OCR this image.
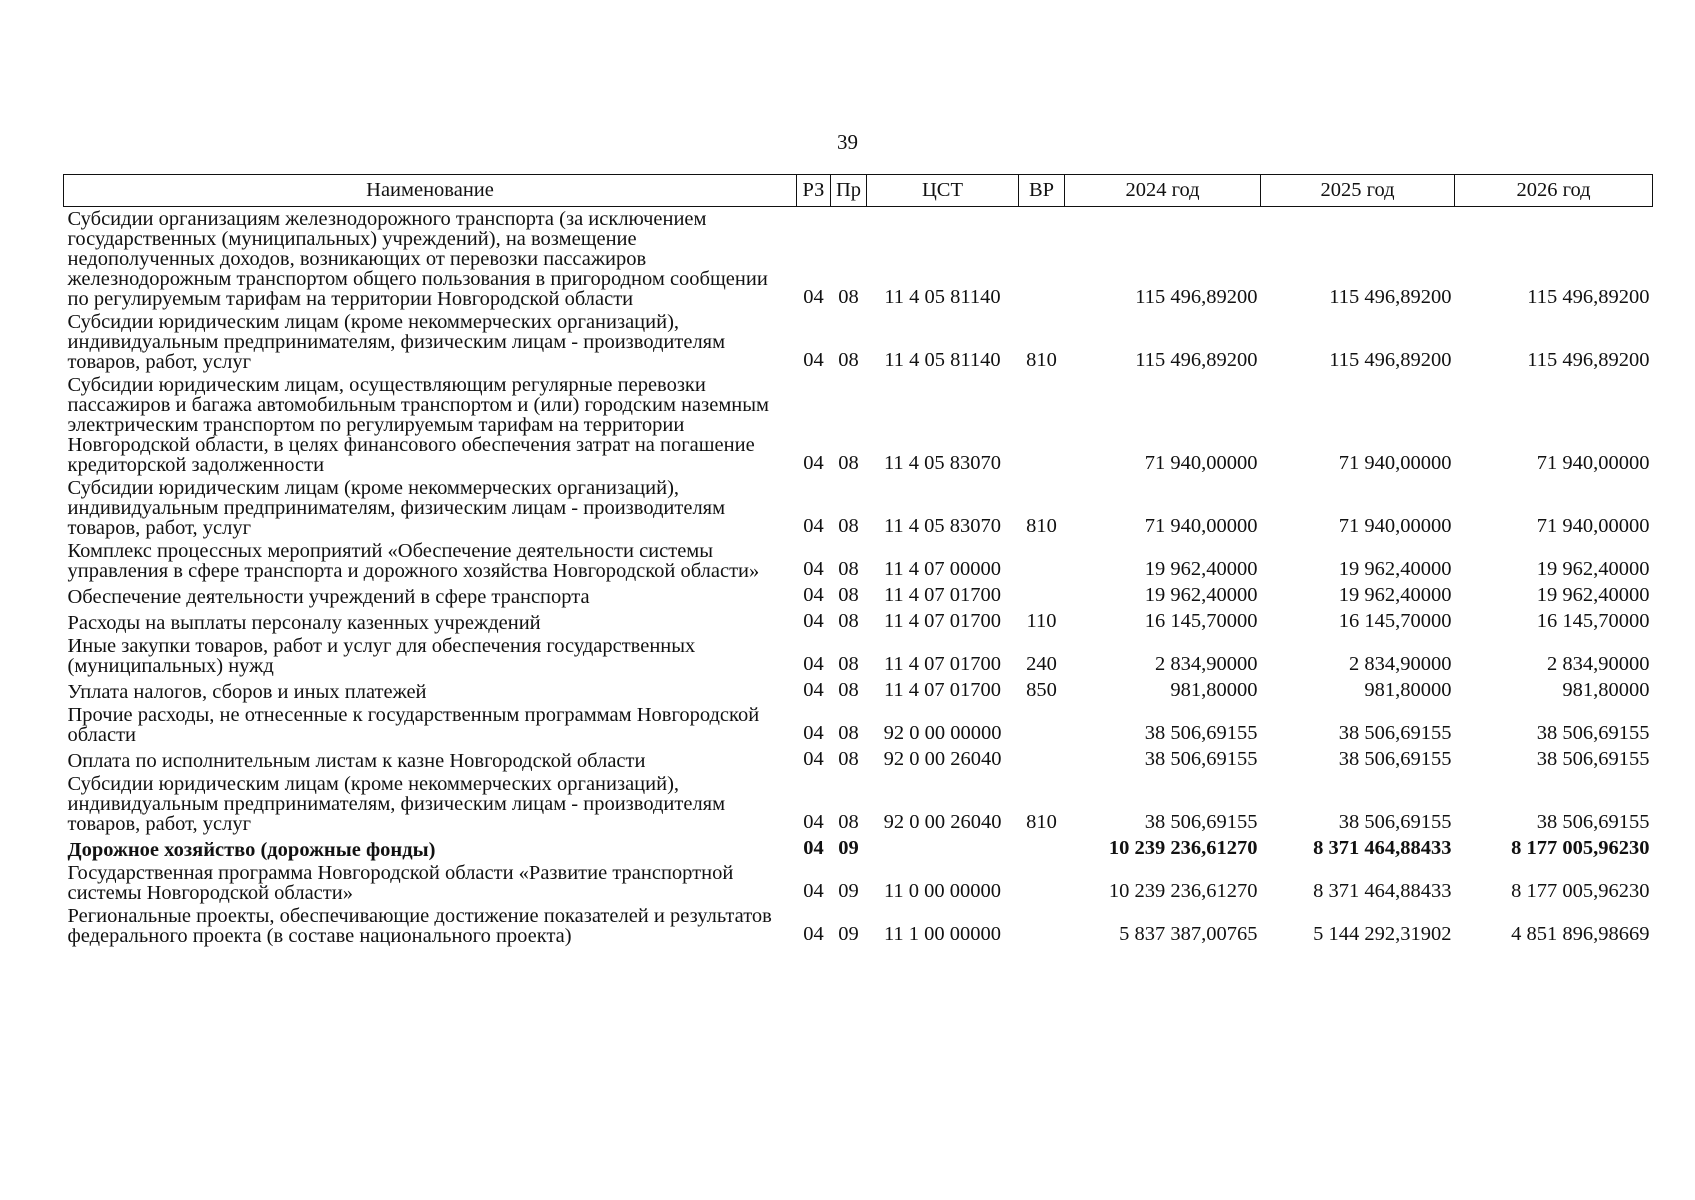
39
Наименование	РЗ	Пр	ЦСТ	ВР	2024 год	2025 год	2026 год
Субсидии организациям железнодорожного транспорта (за исключением государственных (муниципальных) учреждений), на возмещение недополученных доходов, возникающих от перевозки пассажиров железнодорожным транспортом общего пользования в пригородном сообщении по регулируемым тарифам на территории Новгородской области	04	08	11 4 05 81140		115 496,89200	115 496,89200	115 496,89200
Субсидии юридическим лицам (кроме некоммерческих организаций), индивидуальным предпринимателям, физическим лицам - производителям товаров, работ, услуг	04	08	11 4 05 81140	810	115 496,89200	115 496,89200	115 496,89200
Субсидии юридическим лицам, осуществляющим регулярные перевозки пассажиров и багажа автомобильным транспортом и (или) городским наземным электрическим транспортом по регулируемым тарифам на территории Новгородской области, в целях финансового обеспечения затрат на погашение кредиторской задолженности	04	08	11 4 05 83070		71 940,00000	71 940,00000	71 940,00000
Субсидии юридическим лицам (кроме некоммерческих организаций), индивидуальным предпринимателям, физическим лицам - производителям товаров, работ, услуг	04	08	11 4 05 83070	810	71 940,00000	71 940,00000	71 940,00000
Комплекс процессных мероприятий «Обеспечение деятельности системы управления в сфере транспорта и дорожного хозяйства Новгородской области»	04	08	11 4 07 00000		19 962,40000	19 962,40000	19 962,40000
Обеспечение деятельности учреждений в сфере транспорта	04	08	11 4 07 01700		19 962,40000	19 962,40000	19 962,40000
Расходы на выплаты персоналу казенных учреждений	04	08	11 4 07 01700	110	16 145,70000	16 145,70000	16 145,70000
Иные закупки товаров, работ и услуг для обеспечения государственных (муниципальных) нужд	04	08	11 4 07 01700	240	2 834,90000	2 834,90000	2 834,90000
Уплата налогов, сборов и иных платежей	04	08	11 4 07 01700	850	981,80000	981,80000	981,80000
Прочие расходы, не отнесенные к государственным программам Новгородской области	04	08	92 0 00 00000		38 506,69155	38 506,69155	38 506,69155
Оплата по исполнительным листам к казне Новгородской области	04	08	92 0 00 26040		38 506,69155	38 506,69155	38 506,69155
Субсидии юридическим лицам (кроме некоммерческих организаций), индивидуальным предпринимателям, физическим лицам - производителям товаров, работ, услуг	04	08	92 0 00 26040	810	38 506,69155	38 506,69155	38 506,69155
Дорожное хозяйство (дорожные фонды)	04	09			10 239 236,61270	8 371 464,88433	8 177 005,96230
Государственная программа Новгородской области «Развитие транспортной системы Новгородской области»	04	09	11 0 00 00000		10 239 236,61270	8 371 464,88433	8 177 005,96230
Региональные проекты, обеспечивающие достижение показателей и результатов федерального проекта (в составе национального проекта)	04	09	11 1 00 00000		5 837 387,00765	5 144 292,31902	4 851 896,98669
